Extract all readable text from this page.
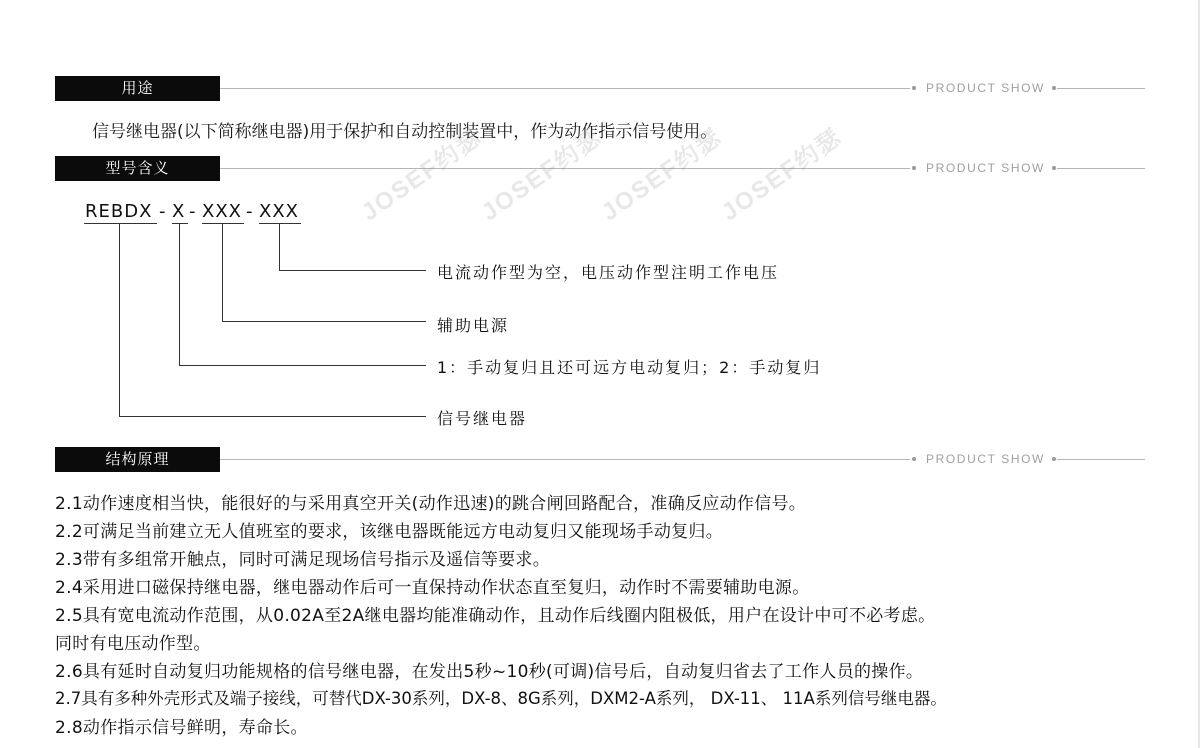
用途	PRODUCT SHOW
信号继电器(以下简称继电器)用于保护和自动控制装置中，作为动作指示信号使用。
型号含义	PRODUCT SHOW
JOSEF约瑟
JOSEF约瑟
JOSEF约瑟
JOSEF约瑟
REBDX - X - XXX - XXX
电流动作型为空，电压动作型注明工作电压
辅助电源
1：手动复归且还可远方电动复归；2：手动复归
信号继电器
结构原理	PRODUCT SHOW
2.1动作速度相当快，能很好的与采用真空开关(动作迅速)的跳合闸回路配合，准确反应动作信号。
2.2可满足当前建立无人值班室的要求，该继电器既能远方电动复归又能现场手动复归。
2.3带有多组常开触点，同时可满足现场信号指示及遥信等要求。
2.4采用进口磁保持继电器，继电器动作后可一直保持动作状态直至复归，动作时不需要辅助电源。
2.5具有宽电流动作范围，从0.02A至2A继电器均能准确动作，且动作后线圈内阻极低，用户在设计中可不必考虑。
同时有电压动作型。
2.6具有延时自动复归功能规格的信号继电器，在发出5秒~10秒(可调)信号后，自动复归省去了工作人员的操作。
2.7具有多种外壳形式及端子接线，可替代DX-30系列，DX-8、8G系列，DXM2-A系列， DX-11、 11A系列信号继电器。
2.8动作指示信号鲜明，寿命长。
